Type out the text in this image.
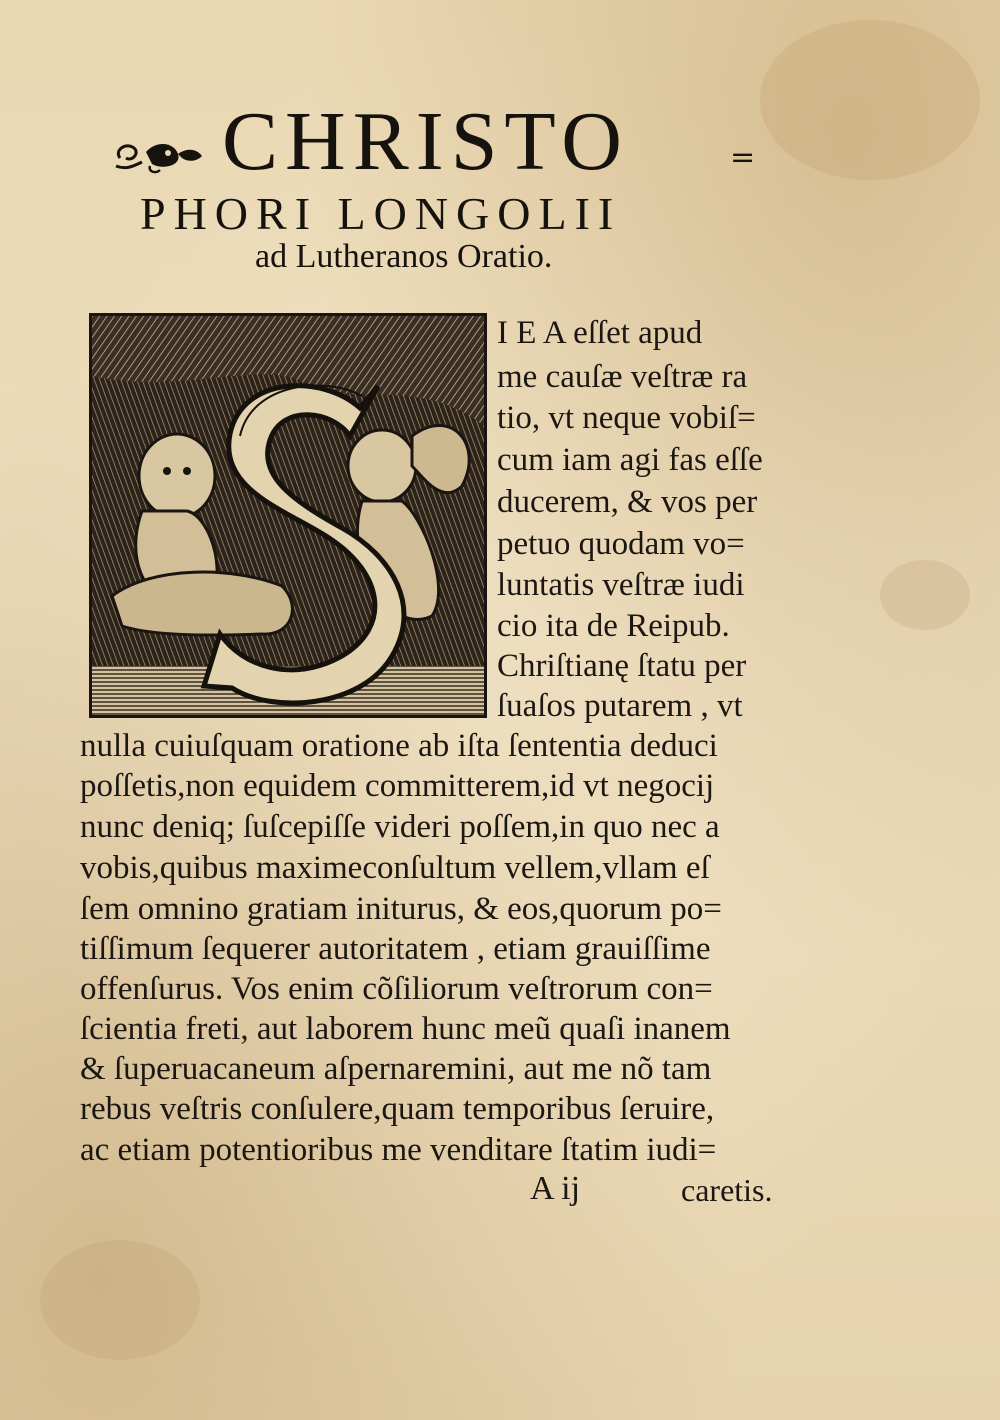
CHRISTO	=
PHORI LONGOLII
ad Lutheranos Oratio.
I E A eſſet apud
me cauſæ veſtræ ra
tio, vt neque vobiſ=
cum iam agi fas eſſe
ducerem, & vos per
petuo quodam vo=
luntatis veſtræ iudi
cio ita de Reipub.
Chriſtianę ſtatu per
ſuaſos putarem , vt
nulla cuiuſquam oratione ab iſta ſententia deduci
poſſetis,non equidem committerem,id vt negocij
nunc deniq; ſuſcepiſſe videri poſſem,in quo nec a
vobis,quibus maximeconſultum vellem,vllam eſ
ſem omnino gratiam initurus, & eos,quorum po=
tiſſimum ſequerer autoritatem , etiam grauiſſime
offenſurus. Vos enim cõſiliorum veſtrorum con=
ſcientia freti, aut laborem hunc meũ quaſi inanem
& ſuperuacaneum aſpernaremini, aut me nõ tam
rebus veſtris conſulere,quam temporibus ſeruire,
ac etiam potentioribus me venditare ſtatim iudi=
A ij	caretis.
